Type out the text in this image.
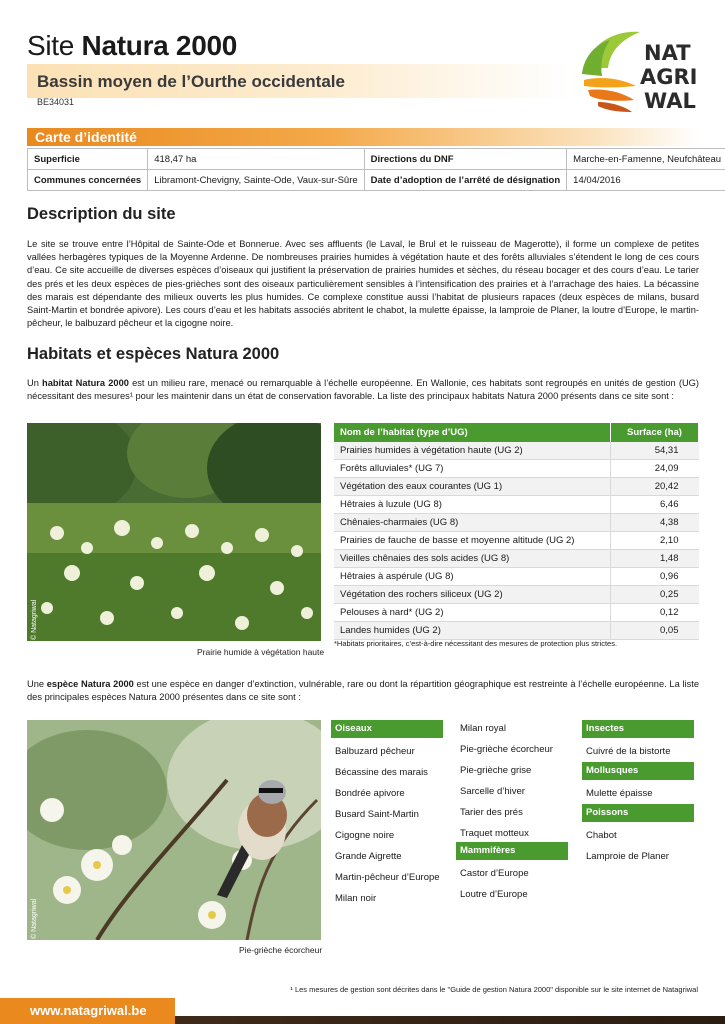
Site Natura 2000
Bassin moyen de l’Ourthe occidentale
BE34031
NAT
AGRI
WAL
Carte d’identité
Superficie	418,47 ha	Directions du DNF	Marche-en-Famenne, Neufchâteau
Communes concernées	Libramont-Chevigny, Sainte-Ode, Vaux-sur-Sûre	Date d’adoption de l’arrêté de désignation	14/04/2016
Description du site

Le site se trouve entre l’Hôpital de Sainte-Ode et Bonnerue. Avec ses affluents (le Laval, le Brul et le ruisseau de Magerotte), il forme un complexe de petites vallées herbagères typiques de la Moyenne Ardenne. De nombreuses prairies humides à végétation haute et des forêts alluviales s’étendent le long de ces cours d’eau. Ce site accueille de diverses espèces d’oiseaux qui justifient la préservation de prairies humides et sèches, du réseau bocager et des cours d’eau. Le tarier des prés et les deux espèces de pies-grièches sont des oiseaux particulièrement sensibles à l’intensification des prairies et à l’arrachage des haies. La bécassine des marais est dépendante des milieux ouverts les plus humides. Ce complexe constitue aussi l’habitat de plusieurs rapaces (deux espèces de milans, busard Saint-Martin et bondrée apivore). Les cours d’eau et les habitats associés abritent le chabot, la mulette épaisse, la lamproie de Planer, la loutre d’Europe, le martin-pêcheur, le balbuzard pêcheur et la cigogne noire.

Habitats et espèces Natura 2000

Un habitat Natura 2000 est un milieu rare, menacé ou remarquable à l’échelle européenne. En Wallonie, ces habitats sont regroupés en unités de gestion (UG) nécessitant des mesures¹ pour les maintenir dans un état de conservation favorable. La liste des principaux habitats Natura 2000 présents dans ce site sont :

© Natagriwal
Prairie humide à végétation haute
Nom de l’habitat (type d’UG)	Surface (ha)
Prairies humides à végétation haute (UG 2)	54,31
Forêts alluviales* (UG 7)	24,09
Végétation des eaux courantes (UG 1)	20,42
Hêtraies à luzule (UG 8)	6,46
Chênaies-charmaies (UG 8)	4,38
Prairies de fauche de basse et moyenne altitude (UG 2)	2,10
Vieilles chênaies des sols acides (UG 8)	1,48
Hêtraies à aspérule (UG 8)	0,96
Végétation des rochers siliceux (UG 2)	0,25
Pelouses à nard* (UG 2)	0,12
Landes humides (UG 2)	0,05
*Habitats prioritaires, c’est-à-dire nécessitant des mesures de protection plus strictes.

Une espèce Natura 2000 est une espèce en danger d’extinction, vulnérable, rare ou dont la répartition géographique est restreinte à l’échelle européenne. La liste des principales espèces Natura 2000 présentes dans ce site sont :

© Natagriwal
Pie-grièche écorcheur
Oiseaux
Balbuzard pêcheur
Bécassine des marais
Bondrée apivore
Busard Saint-Martin
Cigogne noire
Grande Aigrette
Martin-pêcheur d’Europe
Milan noir
Milan royal
Pie-grièche écorcheur
Pie-grièche grise
Sarcelle d’hiver
Tarier des prés
Traquet motteux
Mammifères
Castor d’Europe
Loutre d’Europe
Insectes
Cuivré de la bistorte
Mollusques
Mulette épaisse
Poissons
Chabot
Lamproie de Planer
¹ Les mesures de gestion sont décrites dans le "Guide de gestion Natura 2000" disponible sur le site internet de Natagriwal
www.natagriwal.be
